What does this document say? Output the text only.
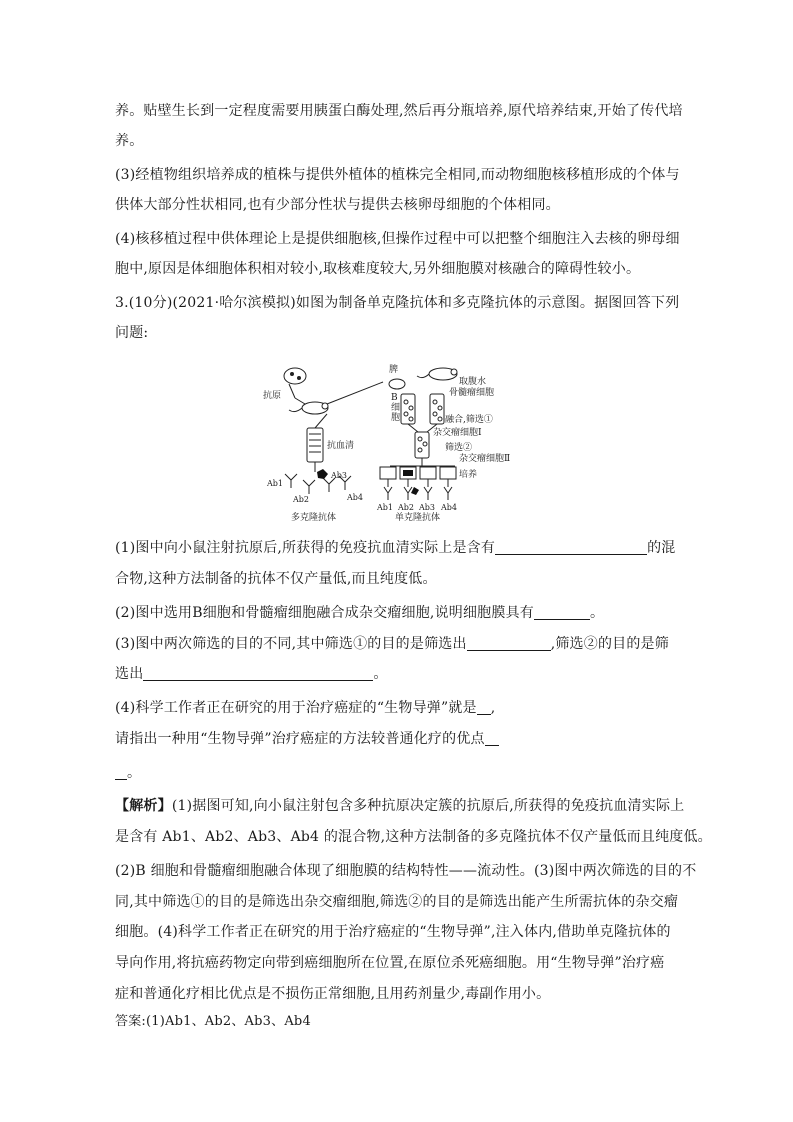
养。贴壁生长到一定程度需要用胰蛋白酶处理,然后再分瓶培养,原代培养结束,开始了传代培
养。
(3)经植物组织培养成的植株与提供外植体的植株完全相同,而动物细胞核移植形成的个体与
供体大部分性状相同,也有少部分性状与提供去核卵母细胞的个体相同。
(4)核移植过程中供体理论上是提供细胞核,但操作过程中可以把整个细胞注入去核的卵母细
胞中,原因是体细胞体积相对较小,取核难度较大,另外细胞膜对核融合的障碍性较小。
3.(10分)(2021·哈尔滨模拟)如图为制备单克隆抗体和多克隆抗体的示意图。据图回答下列
问题:
抗原
脾
B
细
胞
取腹水
骨髓瘤细胞
融合,筛选①
杂交瘤细胞Ⅰ
筛选②
杂交瘤细胞Ⅱ
培养
抗血清
Ab1
Ab2
Ab3
Ab4
Ab1 Ab2 Ab3 Ab4
多克隆抗体	单克隆抗体
(1)图中向小鼠注射抗原后,所获得的免疫抗血清实际上是含有	的混
合物,这种方法制备的抗体不仅产量低,而且纯度低。
(2)图中选用B细胞和骨髓瘤细胞融合成杂交瘤细胞,说明细胞膜具有	。
(3)图中两次筛选的目的不同,其中筛选①的目的是筛选出	,筛选②的目的是筛
选出	。
(4)科学工作者正在研究的用于治疗癌症的“生物导弹”就是 ,
请指出一种用“生物导弹”治疗癌症的方法较普通化疗的优点
。
【解析】(1)据图可知,向小鼠注射包含多种抗原决定簇的抗原后,所获得的免疫抗血清实际上
是含有 Ab1、Ab2、Ab3、Ab4 的混合物,这种方法制备的多克隆抗体不仅产量低而且纯度低。
(2)B 细胞和骨髓瘤细胞融合体现了细胞膜的结构特性——流动性。(3)图中两次筛选的目的不
同,其中筛选①的目的是筛选出杂交瘤细胞,筛选②的目的是筛选出能产生所需抗体的杂交瘤
细胞。(4)科学工作者正在研究的用于治疗癌症的“生物导弹”,注入体内,借助单克隆抗体的
导向作用,将抗癌药物定向带到癌细胞所在位置,在原位杀死癌细胞。用“生物导弹”治疗癌
症和普通化疗相比优点是不损伤正常细胞,且用药剂量少,毒副作用小。
答案:(1)Ab1、Ab2、Ab3、Ab4
